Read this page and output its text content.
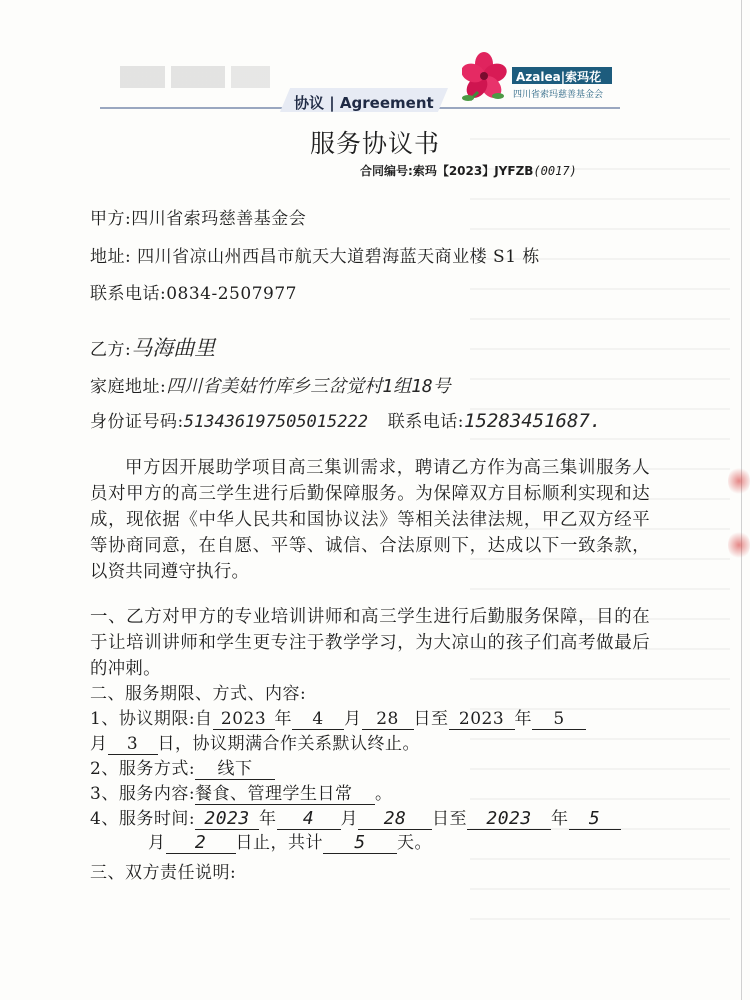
协议 | Agreement
Azalea|索玛花
四川省索玛慈善基金会
服务协议书
合同编号:索玛【2023】JYFZB(0017)
甲方:四川省索玛慈善基金会
地址: 四川省凉山州西昌市航天大道碧海蓝天商业楼 S1 栋
联系电话:0834-2507977
乙方:马海曲里
家庭地址:四川省美姑竹库乡三岔觉村1组18号
身份证号码:513436197505015222 联系电话:15283451687.
甲方因开展助学项目高三集训需求，聘请乙方作为高三集训服务人员对甲方的高三学生进行后勤保障服务。为保障双方目标顺利实现和达成，现依据《中华人民共和国协议法》等相关法律法规，甲乙双方经平等协商同意，在自愿、平等、诚信、合法原则下，达成以下一致条款，以资共同遵守执行。
一、乙方对甲方的专业培训讲师和高三学生进行后勤服务保障，目的在于让培训讲师和学生更专注于教学学习，为大凉山的孩子们高考做最后的冲刺。
二、服务期限、方式、内容:
1、协议期限:自 2023 年 4 月 28 日至 2023 年 5
月 3 日，协议期满合作关系默认终止。
2、服务方式: 线下
3、服务内容:餐食、管理学生日常 。
4、服务时间: 2023 年 4 月 28 日至 2023 年 5
月 2 日止，共计 5 天。
三、双方责任说明:
